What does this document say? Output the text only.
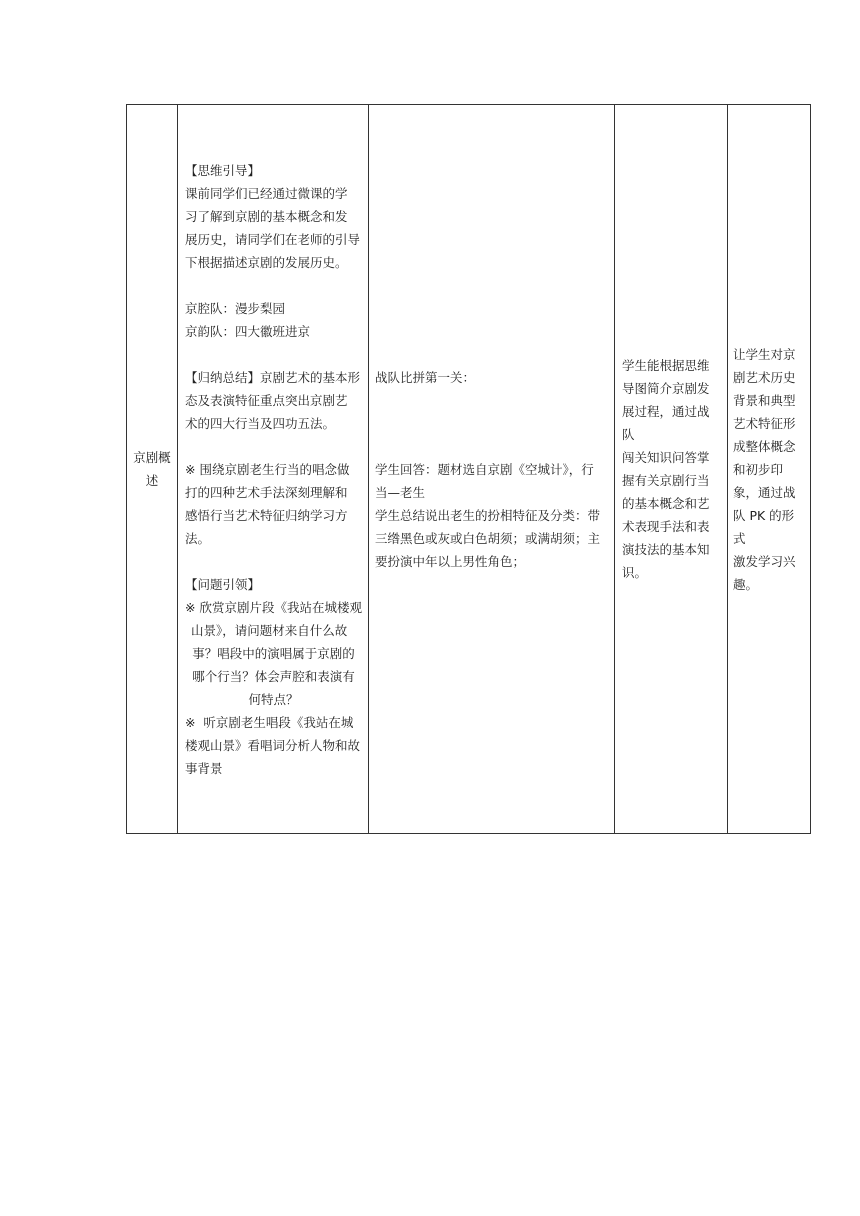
京剧概
述

【思维引导】
课前同学们已经通过微课的学
习了解到京剧的基本概念和发
展历史，请同学们在老师的引导
下根据描述京剧的发展历史。
京腔队：漫步梨园
京韵队：四大徽班进京
【归纳总结】京剧艺术的基本形
态及表演特征重点突出京剧艺
术的四大行当及四功五法。
※ 围绕京剧老生行当的唱念做
打的四种艺术手法深刻理解和
感悟行当艺术特征归纳学习方
法。
【问题引领】
※ 欣赏京剧片段《我站在城楼观
山景》，请问题材来自什么故
事？唱段中的演唱属于京剧的
哪个行当？体会声腔和表演有
何特点？
※  听京剧老生唱段《我站在城
楼观山景》看唱词分析人物和故
事背景

战队比拼第一关：
学生回答：题材选自京剧《空城计》，行
当—老生
学生总结说出老生的扮相特征及分类：带
三绺黑色或灰或白色胡须；或满胡须；主
要扮演中年以上男性角色；

学生能根据思维
导图简介京剧发
展过程，通过战队
闯关知识问答掌
握有关京剧行当
的基本概念和艺
术表现手法和表
演技法的基本知
识。

让学生对京
剧艺术历史
背景和典型
艺术特征形
成整体概念
和初步印
象，通过战
队 PK 的形式
激发学习兴
趣。
